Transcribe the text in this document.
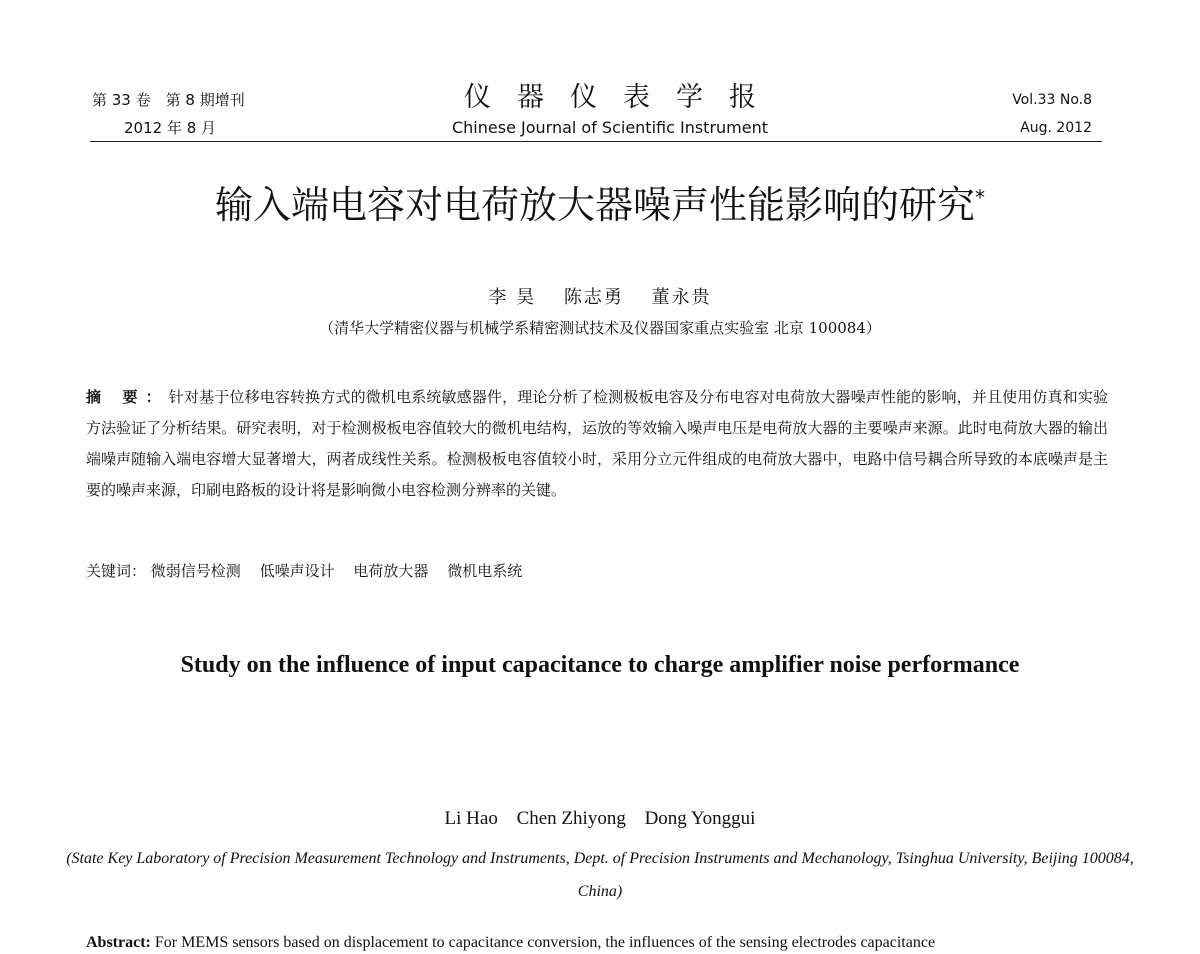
第 33 卷　第 8 期增刊
2012 年 8 月
仪器仪表学报
Chinese Journal of Scientific Instrument
Vol.33 No.8
Aug. 2012
输入端电容对电荷放大器噪声性能影响的研究*
李 昊　 陈志勇　 董永贵
（清华大学精密仪器与机械学系精密测试技术及仪器国家重点实验室 北京 100084）
摘 要：针对基于位移电容转换方式的微机电系统敏感器件，理论分析了检测极板电容及分布电容对电荷放大器噪声性能的影响，并且使用仿真和实验方法验证了分析结果。研究表明，对于检测极板电容值较大的微机电结构，运放的等效输入噪声电压是电荷放大器的主要噪声来源。此时电荷放大器的输出端噪声随输入端电容增大显著增大，两者成线性关系。检测极板电容值较小时，采用分立元件组成的电荷放大器中，电路中信号耦合所导致的本底噪声是主要的噪声来源，印刷电路板的设计将是影响微小电容检测分辨率的关键。
关键词： 微弱信号检测 低噪声设计 电荷放大器 微机电系统
Study on the influence of input capacitance to charge amplifier noise performance
Li Hao Chen Zhiyong Dong Yonggui
(State Key Laboratory of Precision Measurement Technology and Instruments, Dept. of Precision Instruments and Mechanology, Tsinghua University, Beijing 100084, China)
Abstract: For MEMS sensors based on displacement to capacitance conversion, the influences of the sensing electrodes capacitance
